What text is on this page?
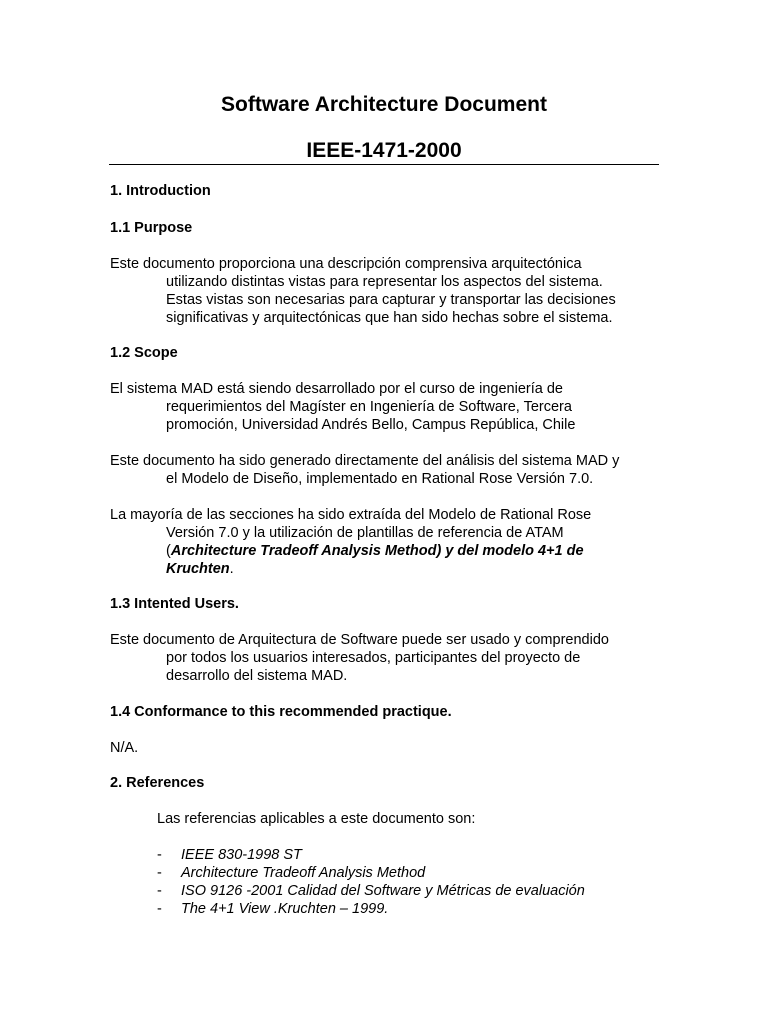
Software Architecture Document
IEEE-1471-2000
1. Introduction
1.1 Purpose
Este documento proporciona una descripción comprensiva arquitectónica
utilizando distintas vistas para representar los aspectos del sistema.
Estas vistas son necesarias para capturar y transportar las decisiones
significativas y arquitectónicas que han sido hechas sobre el sistema.
1.2 Scope
El sistema MAD está siendo desarrollado por el curso de ingeniería de
requerimientos del Magíster en Ingeniería de Software, Tercera
promoción, Universidad Andrés Bello, Campus República, Chile
Este documento ha sido generado directamente del análisis del sistema MAD y
el Modelo de Diseño, implementado en Rational Rose Versión 7.0.
La mayoría de las secciones ha sido extraída del Modelo de Rational Rose
Versión 7.0 y la utilización de plantillas de referencia de ATAM
(Architecture Tradeoff Analysis Method) y del modelo 4+1 de
Kruchten.
1.3 Intented Users.
Este documento de Arquitectura de Software puede ser usado y comprendido
por todos los usuarios interesados, participantes del proyecto de
desarrollo del sistema MAD.
1.4 Conformance to this recommended practique.
N/A.
2. References
Las referencias aplicables a este documento son:
- IEEE 830-1998 ST
- Architecture Tradeoff Analysis Method
- ISO 9126 -2001 Calidad del Software y Métricas de evaluación
- The 4+1 View .Kruchten – 1999.
